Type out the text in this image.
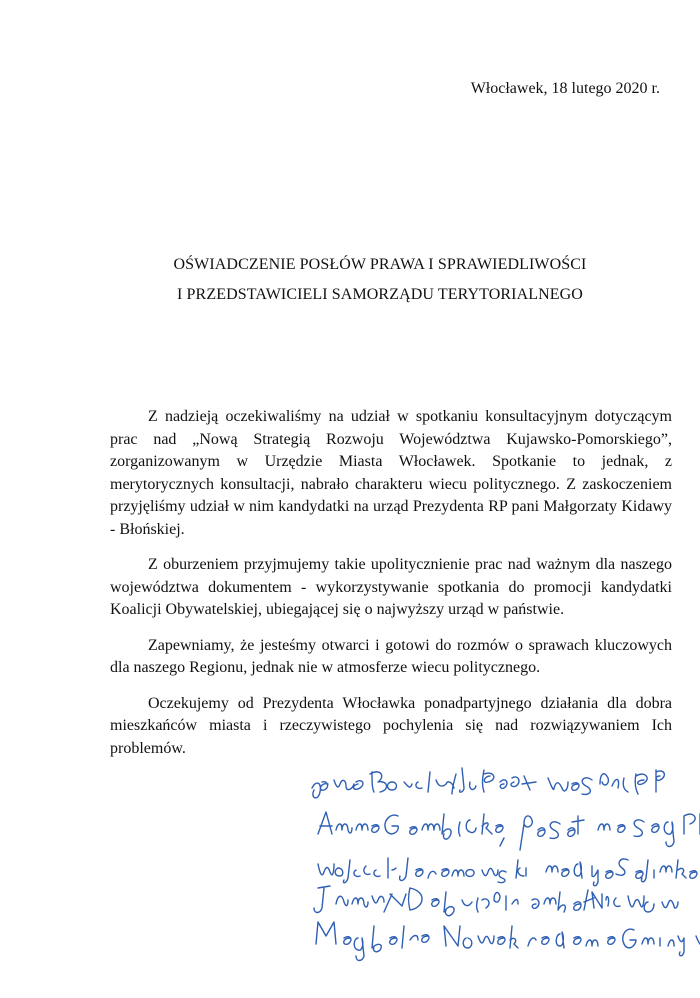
Włocławek, 18 lutego 2020 r.
OŚWIADCZENIE POSŁÓW PRAWA I SPRAWIEDLIWOŚCI
I PRZEDSTAWICIELI SAMORZĄDU TERYTORIALNEGO

Z nadzieją oczekiwaliśmy na udział w spotkaniu konsultacyjnym dotyczącym prac nad „Nową Strategią Rozwoju Województwa Kujawsko-Pomorskiego”, zorganizowanym w Urzędzie Miasta Włocławek. Spotkanie to jednak, z merytorycznych konsultacji, nabrało charakteru wiecu politycznego. Z zaskoczeniem przyjęliśmy udział w nim kandydatki na urząd Prezydenta RP pani Małgorzaty Kidawy - Błońskiej.

Z oburzeniem przyjmujemy takie upolitycznienie prac nad ważnym dla naszego województwa dokumentem - wykorzystywanie spotkania do promocji kandydatki Koalicji Obywatelskiej, ubiegającej się o najwyższy urząd w państwie.

Zapewniamy, że jesteśmy otwarci i gotowi do rozmów o sprawach kluczowych dla naszego Regionu, jednak nie w atmosferze wiecu politycznego.

Oczekujemy od Prezydenta Włocławka ponadpartyjnego działania dla dobra mieszkańców miasta i rzeczywistego pochylenia się nad rozwiązywaniem Ich problemów.
